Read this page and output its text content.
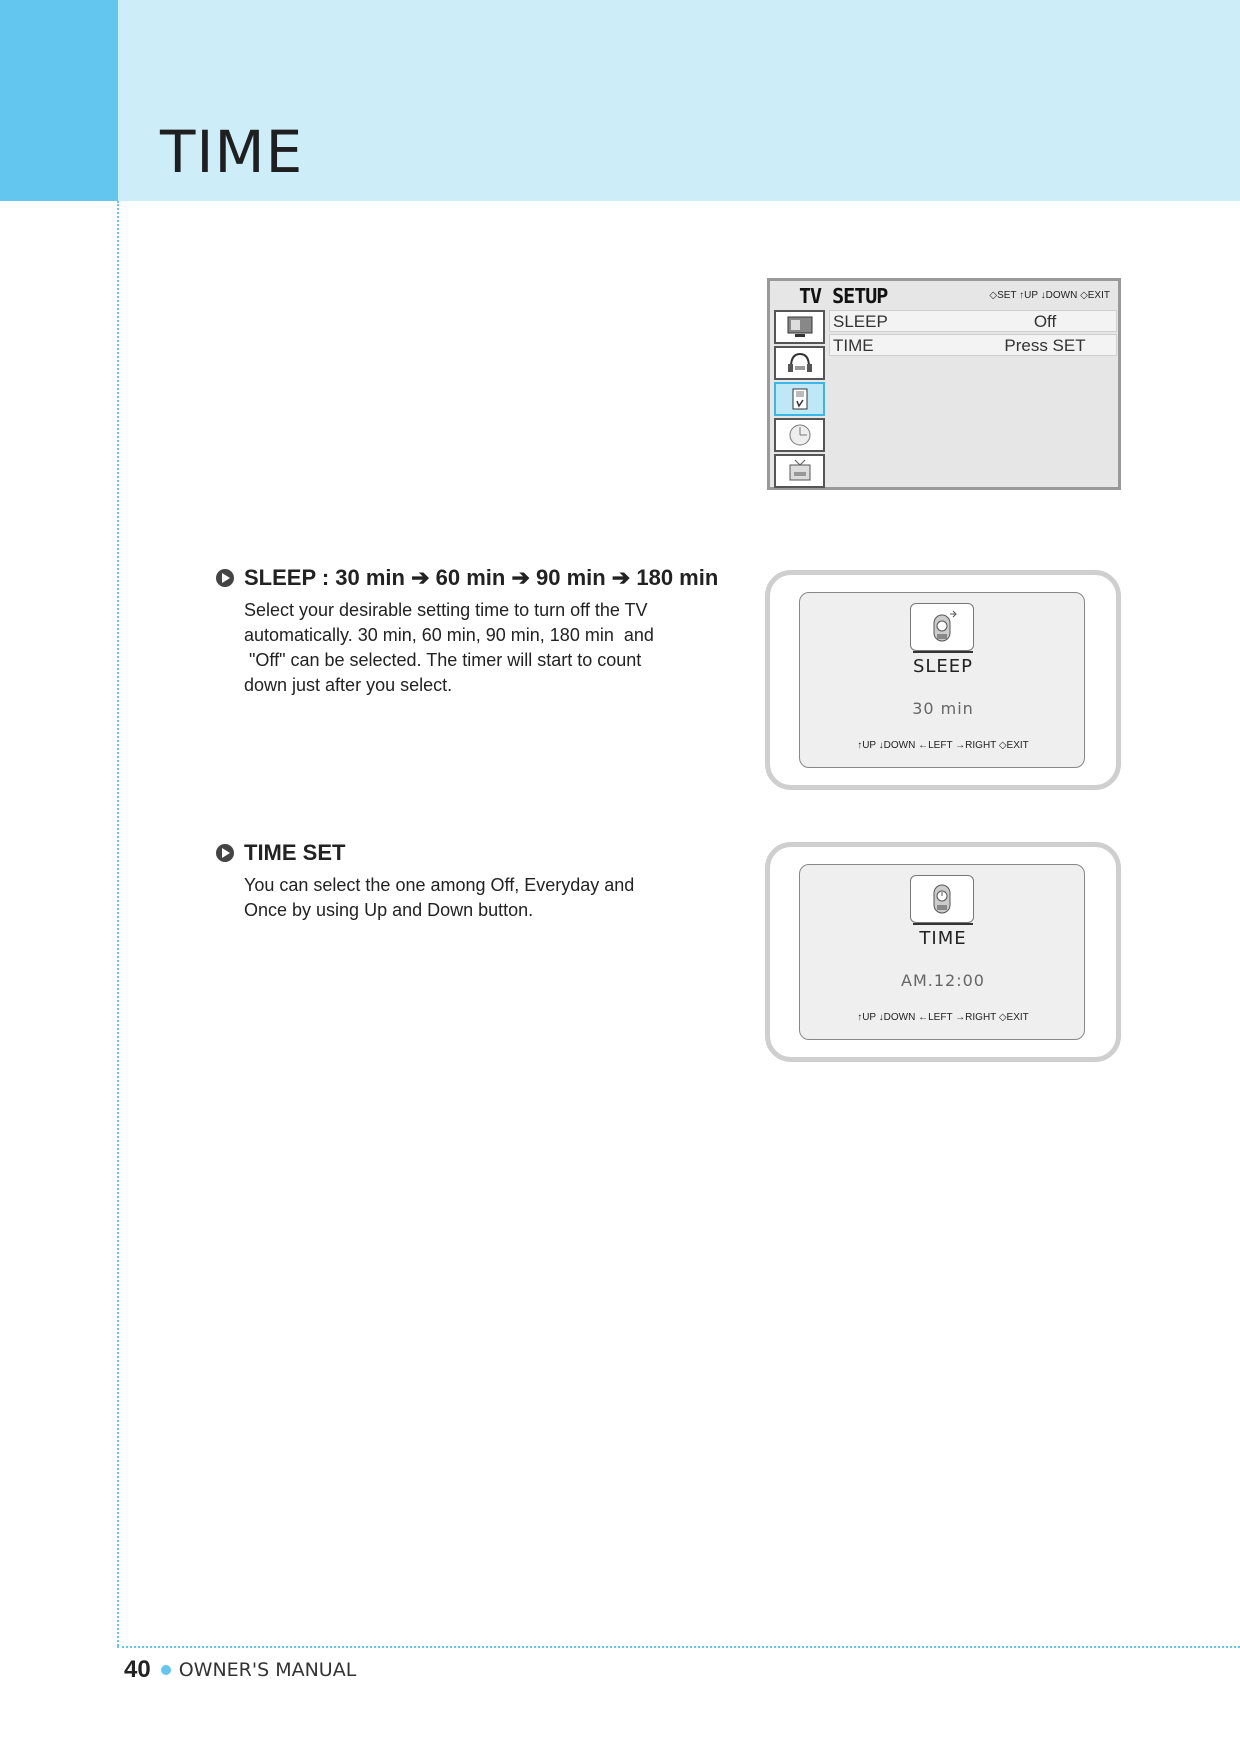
TIME
TV SETUP	◇SET ↑UP ↓DOWN ◇EXIT
SLEEP	Off
TIME	Press SET
SLEEP : 30 min ➔ 60 min ➔ 90 min ➔ 180 min
Select your desirable setting time to turn off the TV
automatically. 30 min, 60 min, 90 min, 180 min  and
"Off" can be selected. The timer will start to count
down just after you select.
SLEEP
30 min
↑UP ↓DOWN ←LEFT →RIGHT ◇EXIT
TIME SET
You can select the one among Off, Everyday and
Once by using Up and Down button.
TIME
AM.12:00
↑UP ↓DOWN ←LEFT →RIGHT ◇EXIT
40 OWNER'S MANUAL
